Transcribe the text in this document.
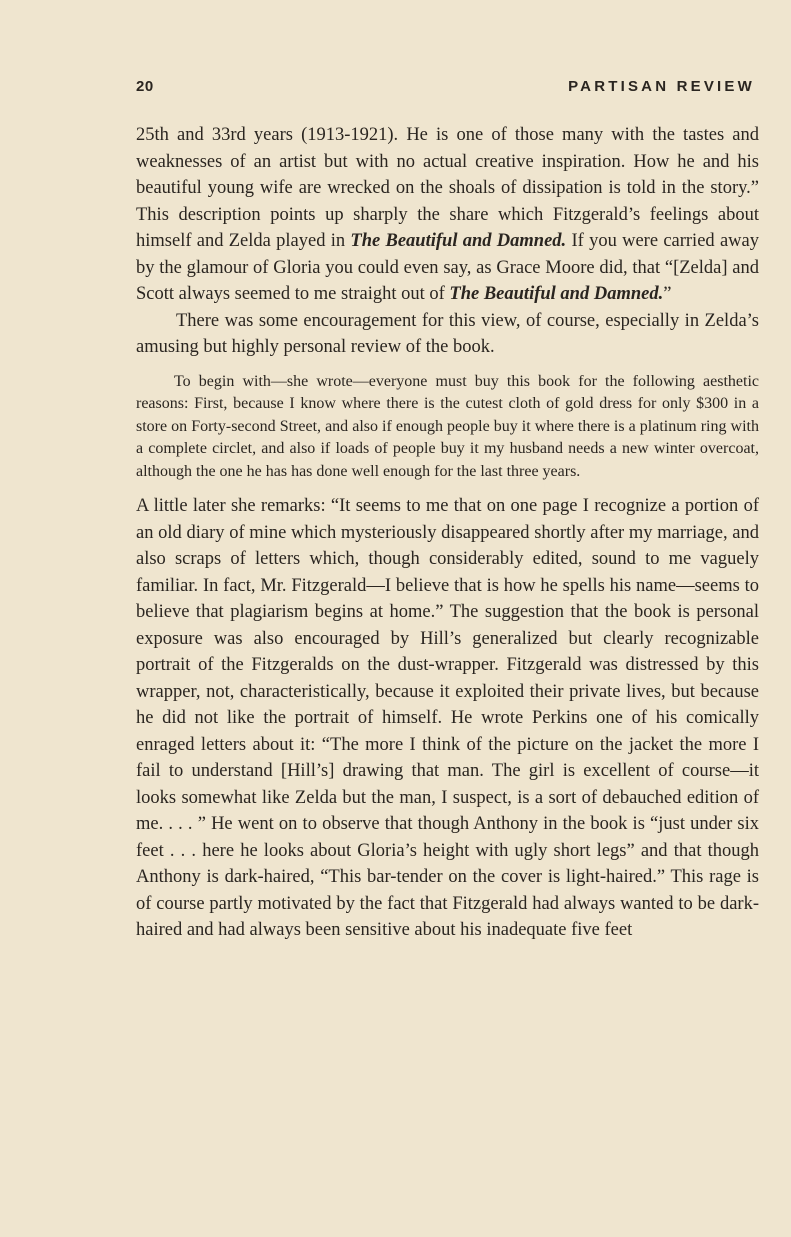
20	PARTISAN REVIEW

25th and 33rd years (1913-1921). He is one of those many with the tastes and weaknesses of an artist but with no actual creative inspiration. How he and his beautiful young wife are wrecked on the shoals of dissipation is told in the story.” This description points up sharply the share which Fitzgerald’s feelings about himself and Zelda played in The Beautiful and Damned. If you were carried away by the glamour of Gloria you could even say, as Grace Moore did, that “[Zelda] and Scott always seemed to me straight out of The Beautiful and Damned.”

There was some encouragement for this view, of course, especially in Zelda’s amusing but highly personal review of the book.

To begin with—she wrote—everyone must buy this book for the following aesthetic reasons: First, because I know where there is the cutest cloth of gold dress for only $300 in a store on Forty-second Street, and also if enough people buy it where there is a platinum ring with a complete circlet, and also if loads of people buy it my husband needs a new winter overcoat, although the one he has has done well enough for the last three years.

A little later she remarks: “It seems to me that on one page I recognize a portion of an old diary of mine which mysteriously disappeared shortly after my marriage, and also scraps of letters which, though considerably edited, sound to me vaguely familiar. In fact, Mr. Fitzgerald—I believe that is how he spells his name—seems to believe that plagiarism begins at home.” The suggestion that the book is personal exposure was also encouraged by Hill’s generalized but clearly recognizable portrait of the Fitzgeralds on the dust-wrapper. Fitzgerald was distressed by this wrapper, not, characteristically, because it exploited their private lives, but because he did not like the portrait of himself. He wrote Perkins one of his comically enraged letters about it: “The more I think of the picture on the jacket the more I fail to understand [Hill’s] drawing that man. The girl is excellent of course—it looks somewhat like Zelda but the man, I suspect, is a sort of debauched edition of me. . . . ” He went on to observe that though Anthony in the book is “just under six feet . . . here he looks about Gloria’s height with ugly short legs” and that though Anthony is dark-haired, “This bar-tender on the cover is light-haired.” This rage is of course partly motivated by the fact that Fitzgerald had always wanted to be dark-haired and had always been sensitive about his inadequate five feet
